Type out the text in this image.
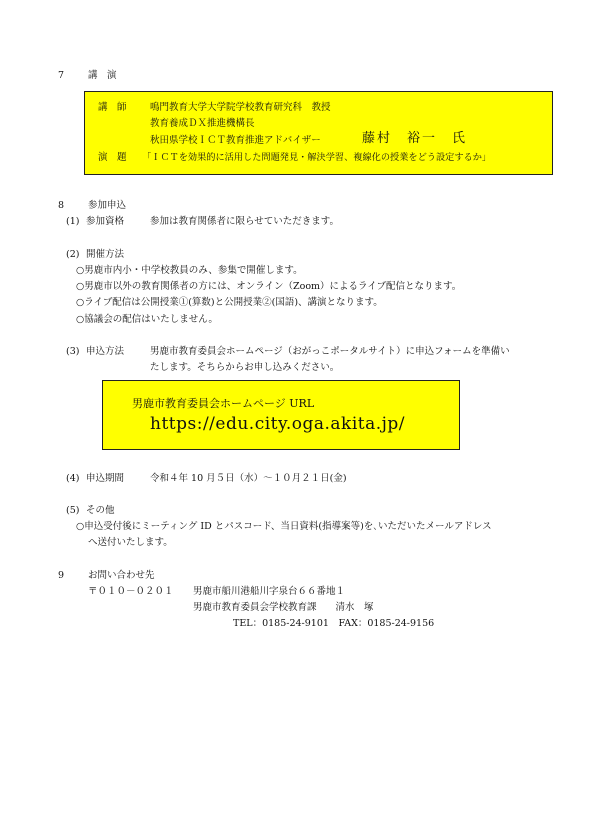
7	講　演
講　師 鳴門教育大学大学院学校教育研究科　教授
教育養成ＤＸ推進機構長
秋田県学校ＩＣＴ教育推進アドバイザー	藤村　裕一　氏
演　題 「ＩＣＴを効果的に活用した問題発見・解決学習、複線化の授業をどう設定するか」
8	参加申込
(1) 参加資格	参加は教育関係者に限らせていただきます。
(2) 開催方法
○男鹿市内小・中学校教員のみ、参集で開催します。
○男鹿市以外の教育関係者の方には、オンライン（Zoom）によるライブ配信となります。
○ライブ配信は公開授業①(算数)と公開授業②(国語)、講演となります。
○協議会の配信はいたしません。
(3) 申込方法	男鹿市教育委員会ホームページ（おがっこポータルサイト）に申込フォームを準備い
たします。そちらからお申し込みください。
男鹿市教育委員会ホームページ URL
https://edu.city.oga.akita.jp/
(4) 申込期間	令和４年 10 月５日（水）～１０月２１日(金)
(5) その他
○申込受付後にミーティング ID とパスコード、当日資料(指導案等)を､いただいたメールアドレス
へ送付いたします。
9	お問い合わせ先
〒０１０－０２０１ 男鹿市船川港船川字泉台６６番地１
男鹿市教育委員会学校教育課　　清水　塚
TEL：0185-24-9101　FAX：0185-24-9156
